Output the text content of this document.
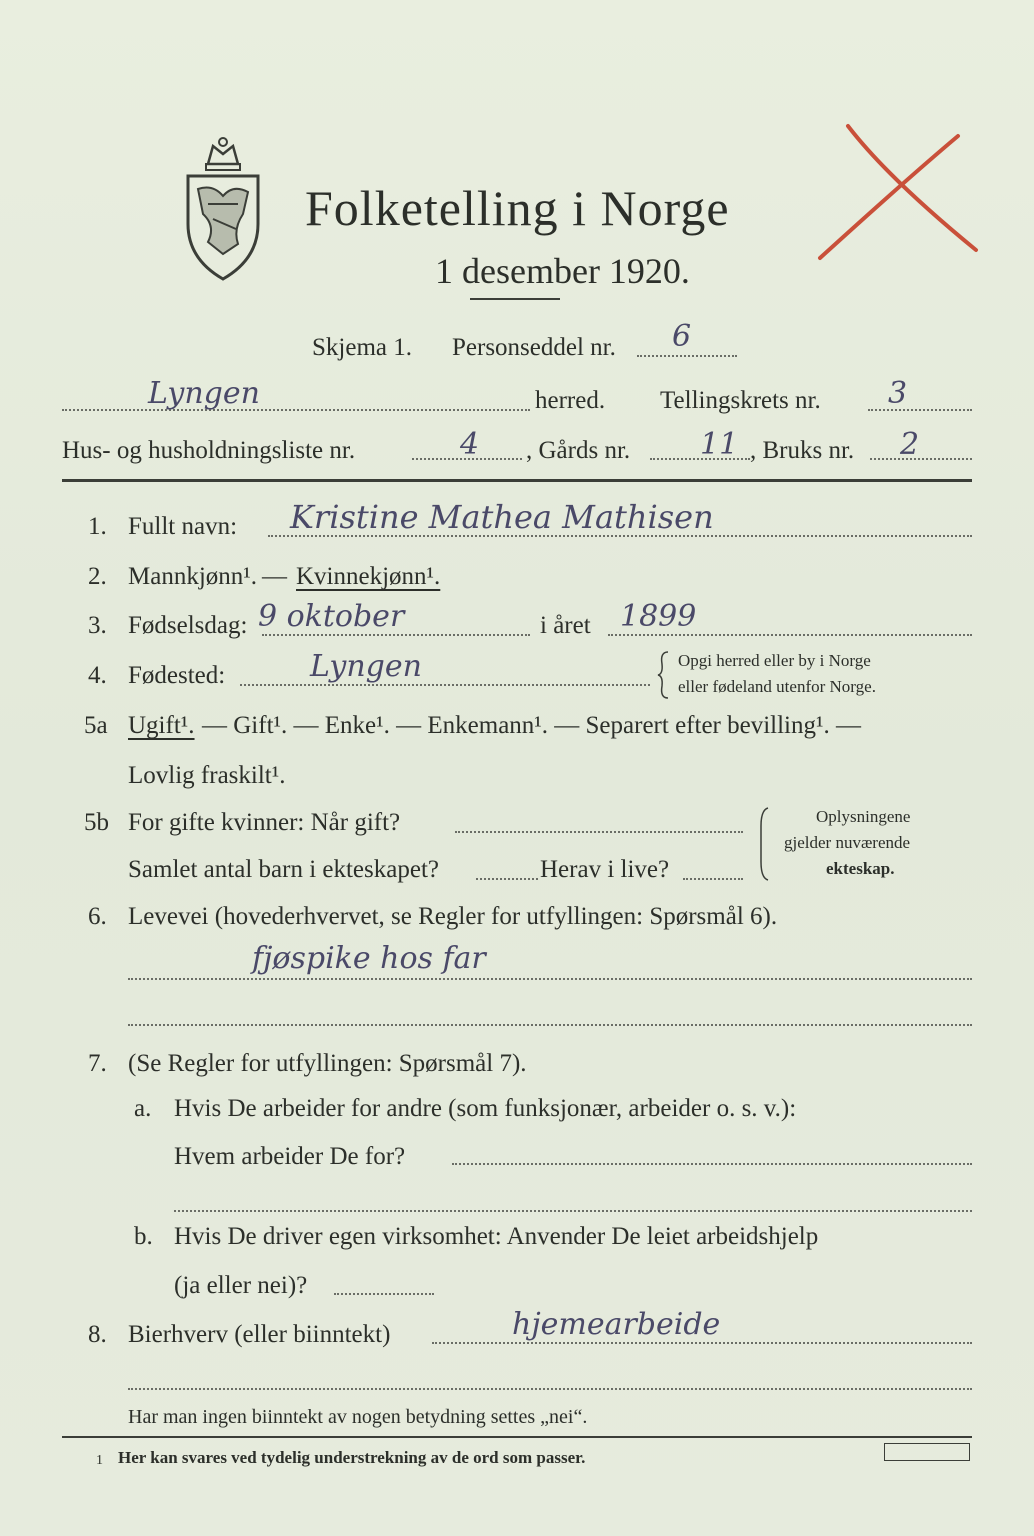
Folketelling i Norge
1 desember 1920.
Skjema 1. Personseddel nr. 6
Lyngen	herred. Tellingskrets nr. 3
Hus- og husholdningsliste nr.	4 , Gårds nr. 11 , Bruks nr. 2
1. Fullt navn: Kristine Mathea Mathisen
2. Mannkjønn¹. — Kvinnekjønn¹.
3. Fødselsdag: 9 oktober	i året 1899
4. Fødested:	Lyngen	Opgi herred eller by i Norge
eller fødeland utenfor Norge.
5a Ugift¹. — Gift¹. — Enke¹. — Enkemann¹. — Separert efter bevilling¹. —
Lovlig fraskilt¹.
5b For gifte kvinner: Når gift?
Samlet antal barn i ekteskapet?	Herav i live?
Oplysningene
gjelder nuværende
ekteskap.
6. Levevei (hovederhvervet, se Regler for utfyllingen: Spørsmål 6).
fjøspike hos far
7. (Se Regler for utfyllingen: Spørsmål 7).
a. Hvis De arbeider for andre (som funksjonær, arbeider o. s. v.):
Hvem arbeider De for?
b. Hvis De driver egen virksomhet: Anvender De leiet arbeidshjelp
(ja eller nei)?
8. Bierhverv (eller biinntekt)	hjemearbeide
Har man ingen biinntekt av nogen betydning settes „nei“.
1 Her kan svares ved tydelig understrekning av de ord som passer.
